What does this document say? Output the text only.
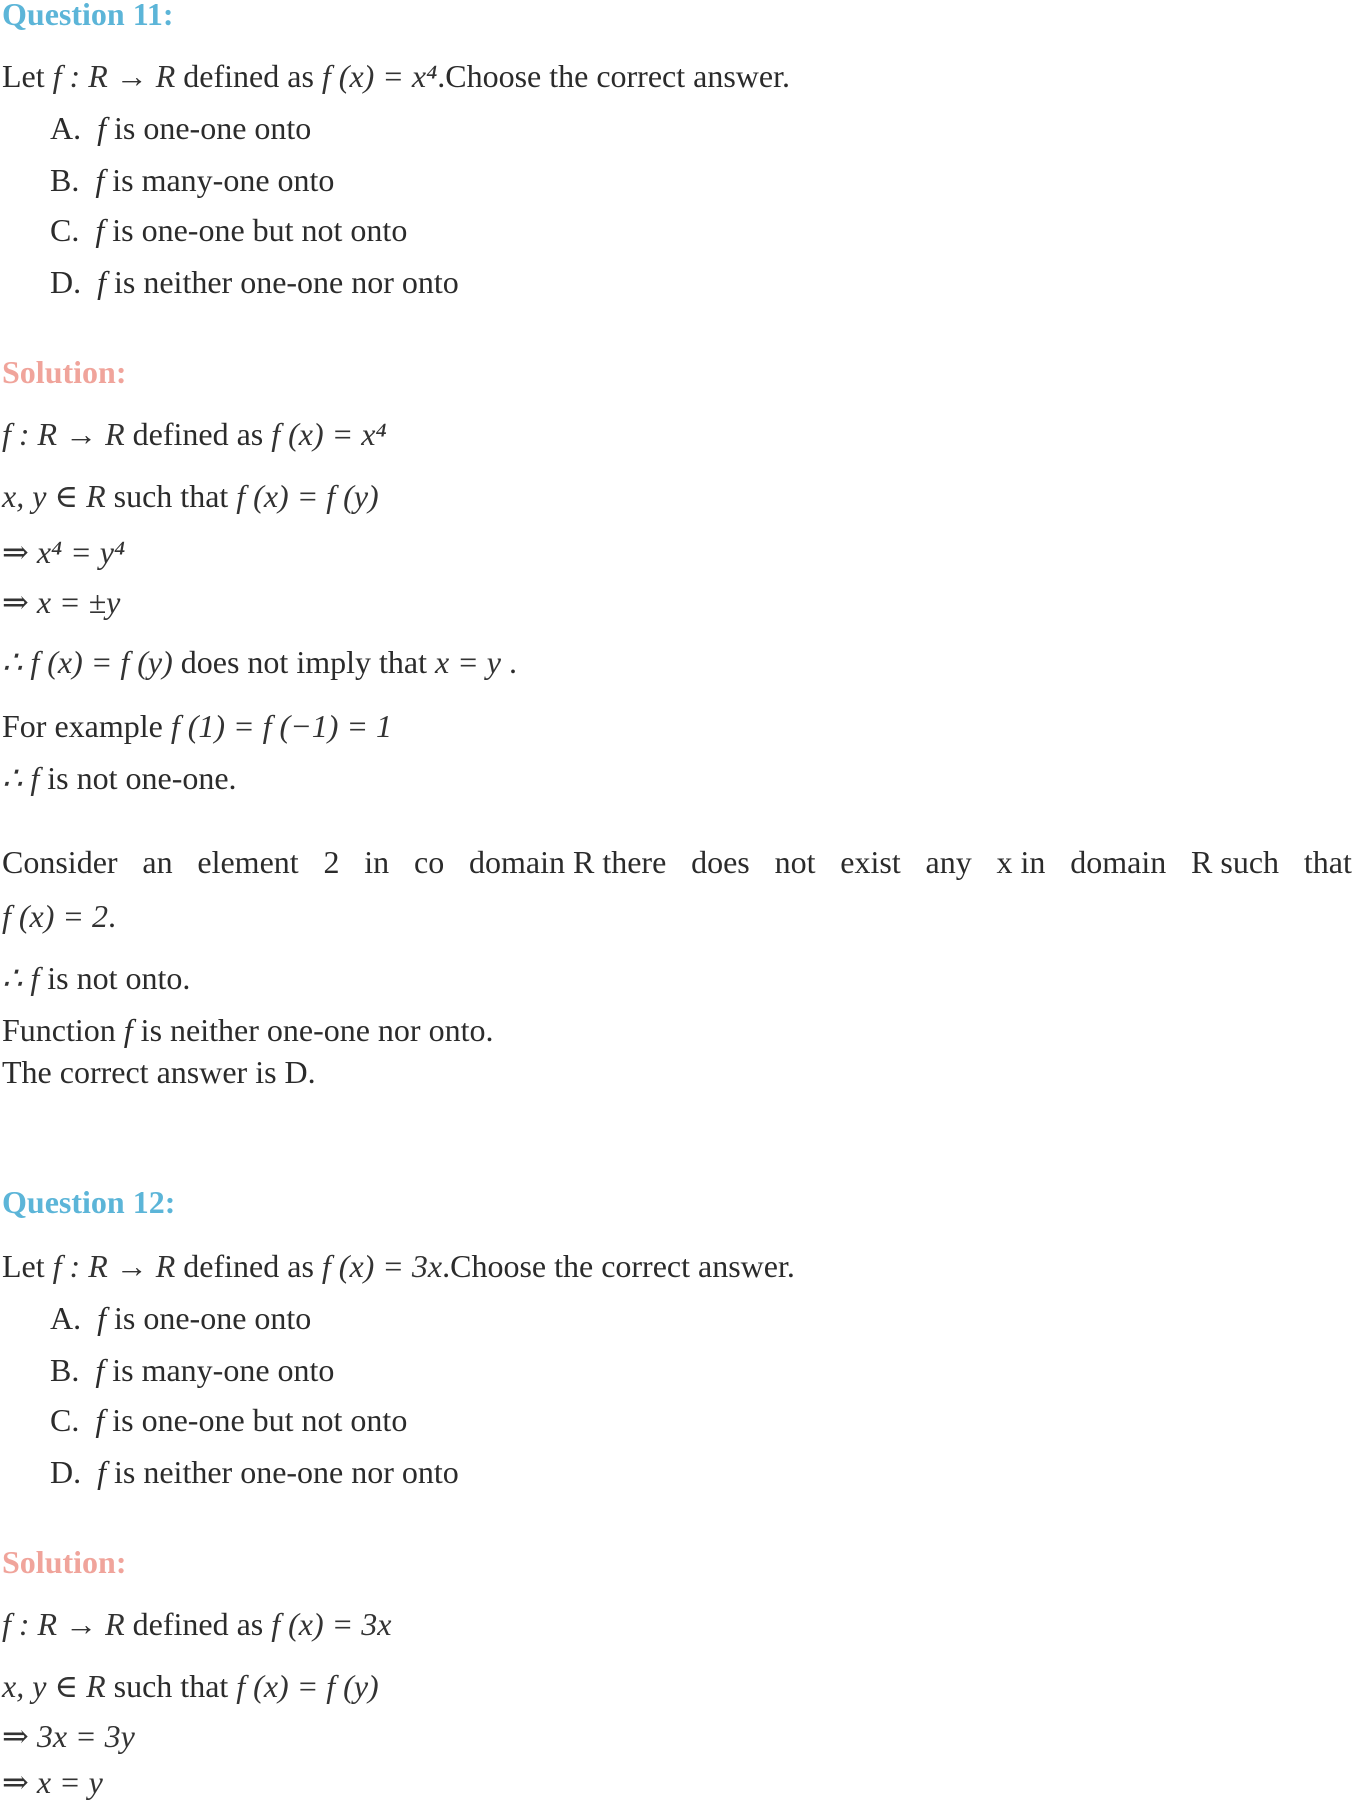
Question 11:
Let f : R → R defined as f (x) = x⁴.Choose the correct answer.
A. f is one-one onto
B. f is many-one onto
C. f is one-one but not onto
D. f is neither one-one nor onto
Solution:
f : R → R defined as f (x) = x⁴
x, y ∈ R such that f (x) = f (y)
⇒ x⁴ = y⁴
⇒ x = ±y
∴ f (x) = f (y) does not imply that x = y .
For example f (1) = f (−1) = 1
∴ f is not one-one.
Consider an element 2 in co domain R there does not exist any x in domain R such that
f (x) = 2.
∴ f is not onto.
Function f is neither one-one nor onto.
The correct answer is D.
Question 12:
Let f : R → R defined as f (x) = 3x.Choose the correct answer.
A. f is one-one onto
B. f is many-one onto
C. f is one-one but not onto
D. f is neither one-one nor onto
Solution:
f : R → R defined as f (x) = 3x
x, y ∈ R such that f (x) = f (y)
⇒ 3x = 3y
⇒ x = y
